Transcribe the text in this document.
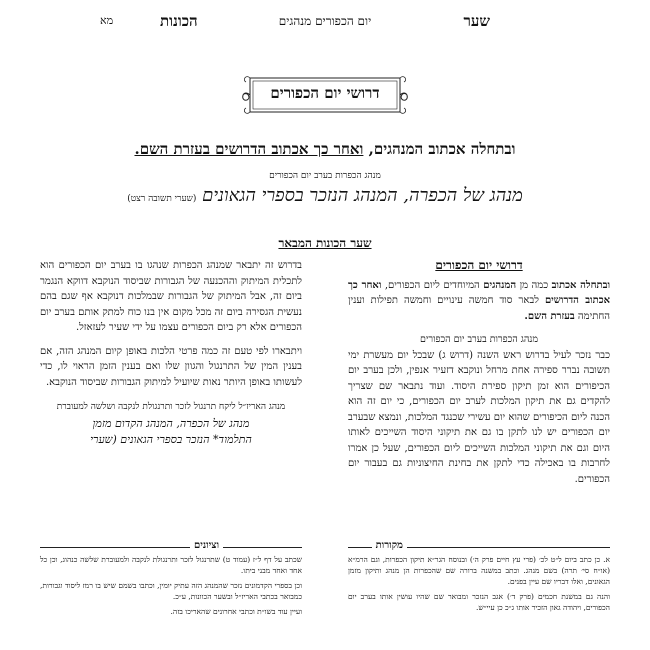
שער
יום הכפורים מנהגים
הכונות
מא
דרושי יום הכפורים
ובתחלה אכתוב המנהגים, ואחר כך אכתוב הדרושים בעזרת השם.
מנהג הכפרות בערב יום הכפורים
מנהג של הכפרה, המנהג הנזכר בספרי הגאונים (שערי תשובה רצט)
שער הכונות המבאר
דרושי יום הכפורים

ובתחלה אכתוב כמה מן המנהגים המיוחדים ליום הכפורים, ואחר כך אכתוב הדרושים לבאר סוד חמשה עינויים וחמשה תפילות וענין החתימה בעזרת השם.

מנהג הכפרות בערב יום הכפורים

כבר נזכר לעיל בדרוש ראש השנה (דרוש ג) שבכל יום מעשרת ימי תשובה נברר ספירה אחת מרחל ונוקבא דזעיר אנפין, ולכן בערב יום הכיפורים הוא זמן תיקון ספירת היסוד. ועוד נתבאר שם שצריך להקדים גם את תיקון המלכות לערב יום הכפורים, כי יום זה הוא הכנה ליום הכיפורים שהוא יום עשירי שכנגד המלכות, ונמצא שבערב יום הכפורים יש לנו לתקן בו גם את תיקוני היסוד השייכים לאותו היום וגם את תיקוני המלכות השייכים ליום הכפורים, שעל כן אמרו לחרבות בו באכילה כדי לתקן את בחינת החיצוניות גם בעבור יום הכפורים.

בדרוש זה יתבאר שמנהג הכפרות שנהגו בו בערב יום הכפורים הוא לתכלית המיתוק וההכנעה של הגבורות שביסוד הנוקבא דווקא הנגמר ביום זה, אבל המיתוק של הגבורות שבמלכות דנוקבא אף שגם בהם נעשית הגסירה ביום זה מכל מקום אין בנו כוח למתק אותם בערב יום הכפורים אלא רק ביום הכפורים עצמו על ידי שעיר לעזאזל.

ויתבארו לפי טעם זה כמה פרטי הלכות באופן קיום המנהג הזה, אם בענין המין של התרנגול והגוון שלו ואם בענין הזמן הראוי לו, כדי לעשותו באופן היותר נאות שיועיל למיתוק הגבורות שביסוד הנוקבא.

מנהג האריז״ל ליקח תרנגול לזכר ותרנגולת לנקבה ושלשה למעוברת
מנהג של הכפרה, המנהג הקדום מזמן
התלמוד* הנזכר בספרי הגאונים (שערי
מקורות
וציונים

א. כן כתב ביום ל״ט לכ׳ (פרי עץ חיים פרק ה׳) ובנוסח הגר״א תיקון הכפרות, וגם הרמ״א (או״ח סי׳ תרה) בשם מנהג. וכתב במשנה ברורה שם שהכפרות הן מנהג ותיקון מזמן הגאונים, ואלו דבריו שם עיין בפנים.

והנה גם במשנת חכמים (פרק ד׳) אגב הנזכר ומבואר שם שהיו עושין אותו בערב יום הכפורים, ויהודה גאון הזכיר אותו ג״כ כן עיי״ש.

שכתב על דף ל״ז (עמוד ט) שתרנגול לזכר ותרנגולת לנקבה ולמעוברת שלשה כנהוג, וכן כל אחד ואחד מבני ביתו.

וכן בספרי הקדמונים נזכר שהמנהג הזה עתיק יומין, וכתבו בשמם שיש בו רמז ליסוד וגבורות, כמבואר בכתבי האריז״ל ובשער הכוונות, ע״כ.

ועיין עוד בשו״ת וכתבי אחרונים שהאריכו בזה.
